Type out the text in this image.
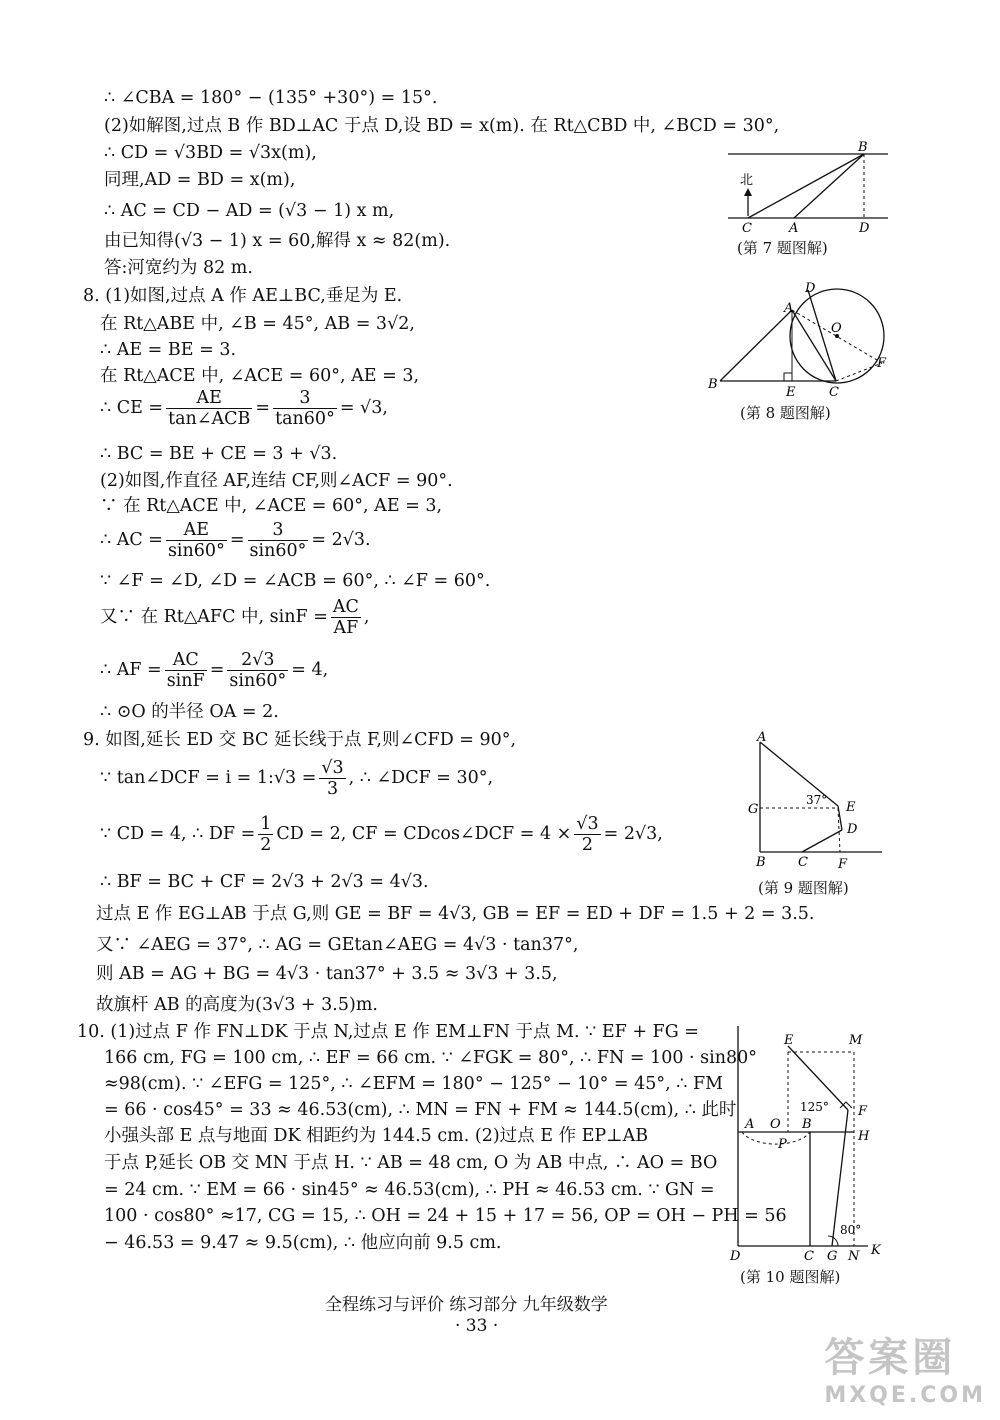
∴ ∠CBA = 180° − (135° +30°) = 15°.
(2)如解图,过点 B 作 BD⊥AC 于点 D,设 BD = x(m). 在 Rt△CBD 中, ∠BCD = 30°,
∴ CD = √3BD = √3x(m),
同理,AD = BD = x(m),
∴ AC = CD − AD = (√3 − 1) x m,
由已知得(√3 − 1) x = 60,解得 x ≈ 82(m).
答:河宽约为 82 m.
8. (1)如图,过点 A 作 AE⊥BC,垂足为 E.
在 Rt△ABE 中, ∠B = 45°, AB = 3√2,
∴ AE = BE = 3.
在 Rt△ACE 中, ∠ACE = 60°, AE = 3,
∴ CE = $\frac{AE}{\text{tan∠ACB}} = \frac{3}{\tan 60^\circ} = √3$,
∴ BC = BE + CE = 3 + √3.
(2)如图,作直径 AF,连结 CF,则∠ACF = 90°.
∵ 在 Rt△ACE 中, ∠ACE = 60°, AE = 3,
∴ AC = $\frac{AE}{\sin 60^\circ} = \frac{3}{\sin 60^\circ} = 2√3$.
∵ ∠F = ∠D, ∠D = ∠ACB = 60°, ∴ ∠F = 60°.
又∵ 在 Rt△AFC 中, $\sin F = \frac{AC}{AF}$ ,
∴ AF = $\frac{AC}{\sin F} = \frac{2√3}{\sin 60^\circ} = 4$,
∴ ⊙O 的半径 OA = 2.
9. 如图,延长 ED 交 BC 延长线于点 F,则∠CFD = 90°,
∵ tan∠DCF = i = 1:√3 = $\frac{√3}{3}$ , ∴ ∠DCF = 30°,
∵ CD = 4, ∴ DF = $\frac{1}{2}$ CD = 2, CF = CDcos∠DCF = $4 \times \frac{√3}{2} = 2√3$,
∴ BF = BC + CF = 2√3 + 2√3 = 4√3.
过点 E 作 EG⊥AB 于点 G,则 GE = BF = 4√3, GB = EF = ED + DF = 1.5 + 2 = 3.5.
又∵ ∠AEG = 37°, ∴ AG = GEtan∠AEG = 4√3 · tan37°,
则 AB = AG + BG = 4√3 · tan37° + 3.5 ≈ 3√3 + 3.5,
故旗杆 AB 的高度为(3√3 + 3.5)m.
10. (1)过点 F 作 FN⊥DK 于点 N,过点 E 作 EM⊥FN 于点 M. ∵ EF + FG =
166 cm, FG = 100 cm, ∴ EF = 66 cm. ∵ ∠FGK = 80°, ∴ FN = 100 · sin80°
≈98(cm). ∵ ∠EFG = 125°, ∴ ∠EFM = 180° − 125° − 10° = 45°, ∴ FM
= 66 · cos45° = 33 ≈ 46.53(cm), ∴ MN = FN + FM ≈ 144.5(cm), ∴ 此时
小强头部 E 点与地面 DK 相距约为 144.5 cm. (2)过点 E 作 EP⊥AB
于点 P,延长 OB 交 MN 于点 H. ∵ AB = 48 cm, O 为 AB 中点, ∴ AO = BO
= 24 cm. ∵ EM = 66 · sin45° ≈ 46.53(cm), ∴ PH ≈ 46.53 cm. ∵ GN =
100 · cos80° ≈17, CG = 15, ∴ OH = 24 + 15 + 17 = 56, OP = OH − PH = 56
− 46.53 = 9.47 ≈ 9.5(cm), ∴ 他应向前 9.5 cm.
B
C	A	D
北
(第 7 题图解)
A
D
O
F
B
E	C
(第 8 题图解)
A
G
37° E
D
B C F
(第 9 题图解)
E	M
125° F
A O B
H
P
80°
D	C G N K
(第 10 题图解)
全程练习与评价 练习部分 九年级数学
· 33 ·
答案圈
MXQE.COM
